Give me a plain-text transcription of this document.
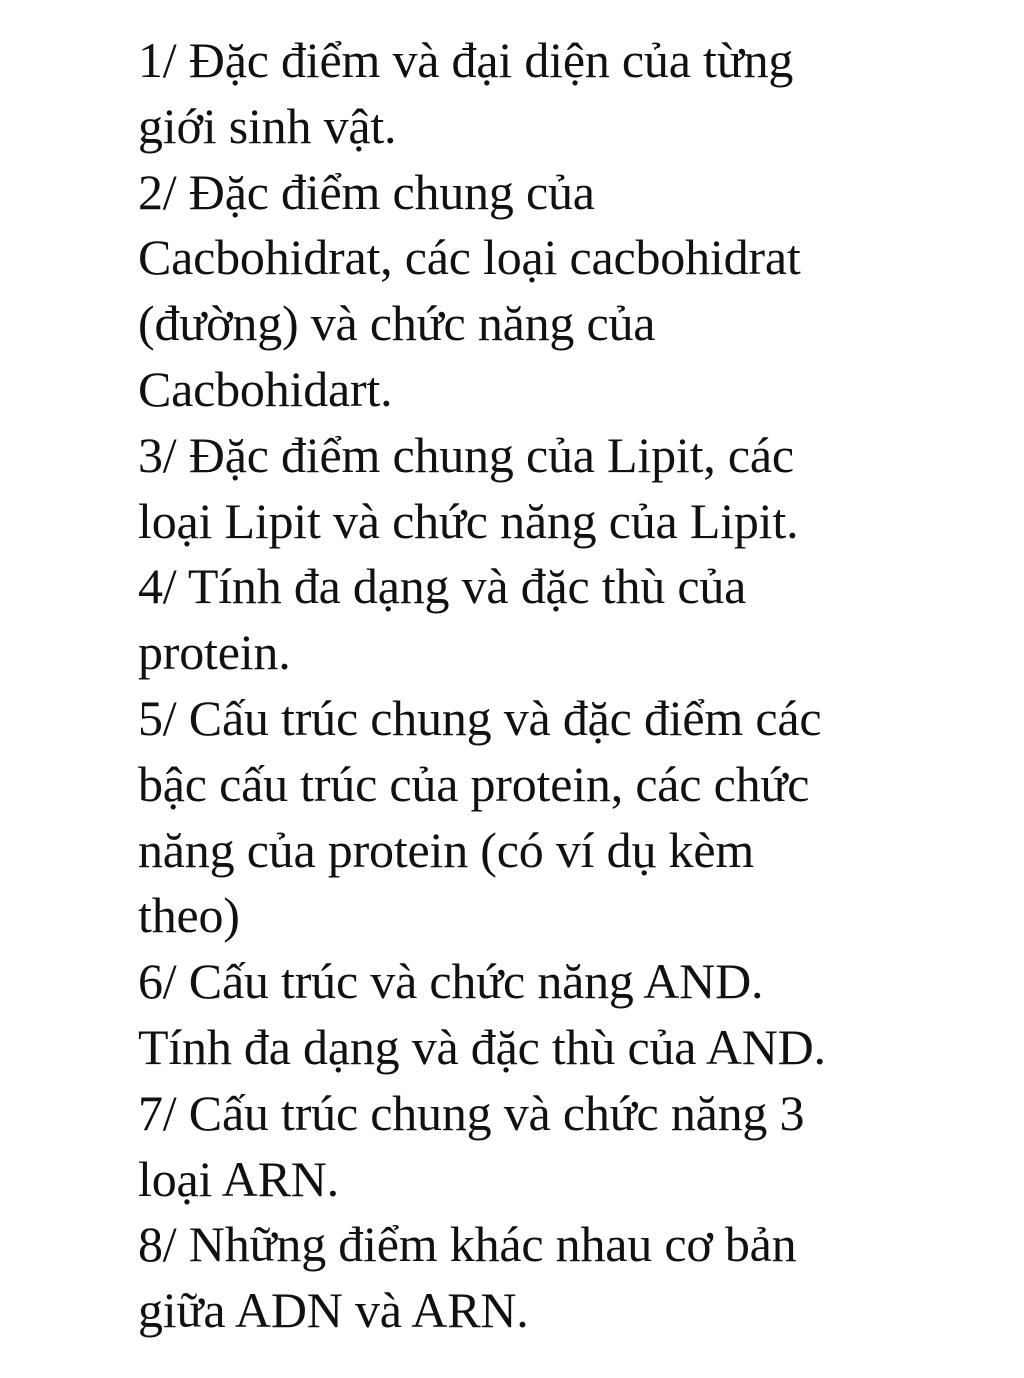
1/ Đặc điểm và đại diện của từng
giới sinh vật.
2/ Đặc điểm chung của
Cacbohidrat, các loại cacbohidrat
(đường) và chức năng của
Cacbohidart.
3/ Đặc điểm chung của Lipit, các
loại Lipit và chức năng của Lipit.
4/ Tính đa dạng và đặc thù của
protein.
5/ Cấu trúc chung và đặc điểm các
bậc cấu trúc của protein, các chức
năng của protein (có ví dụ kèm
theo)
6/ Cấu trúc và chức năng AND.
Tính đa dạng và đặc thù của AND.
7/ Cấu trúc chung và chức năng 3
loại ARN.
8/ Những điểm khác nhau cơ bản
giữa ADN và ARN.
